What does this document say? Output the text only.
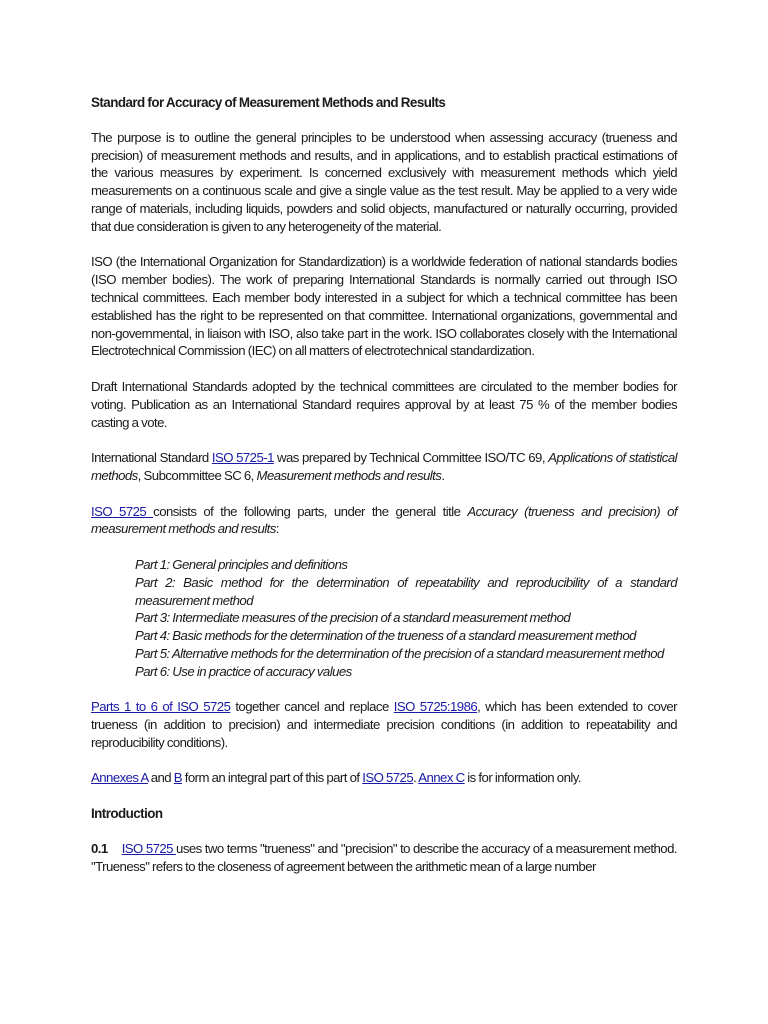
Standard for Accuracy of Measurement Methods and Results

The purpose is to outline the general principles to be understood when assessing accuracy (trueness and precision) of measurement methods and results, and in applications, and to establish practical estimations of the various measures by experiment. Is concerned exclusively with measurement methods which yield measurements on a continuous scale and give a single value as the test result. May be applied to a very wide range of materials, including liquids, powders and solid objects, manufactured or naturally occurring, provided that due consideration is given to any heterogeneity of the material.

ISO (the International Organization for Standardization) is a worldwide federation of national standards bodies (ISO member bodies). The work of preparing International Standards is normally carried out through ISO technical committees. Each member body interested in a subject for which a technical committee has been established has the right to be represented on that committee. International organizations, governmental and non-governmental, in liaison with ISO, also take part in the work. ISO collaborates closely with the International Electrotechnical Commission (IEC) on all matters of electrotechnical standardization.

Draft International Standards adopted by the technical committees are circulated to the member bodies for voting. Publication as an International Standard requires approval by at least 75 % of the member bodies casting a vote.

International Standard ISO 5725-1 was prepared by Technical Committee ISO/TC 69, Applications of statistical methods, Subcommittee SC 6, Measurement methods and results.

ISO 5725 consists of the following parts, under the general title Accuracy (trueness and precision) of measurement methods and results:

Part 1: General principles and definitions
Part 2: Basic method for the determination of repeatability and reproducibility of a standard measurement method
Part 3: Intermediate measures of the precision of a standard measurement method
Part 4: Basic methods for the determination of the trueness of a standard measurement method
Part 5: Alternative methods for the determination of the precision of a standard measurement method
Part 6: Use in practice of accuracy values

Parts 1 to 6 of ISO 5725 together cancel and replace ISO 5725:1986, which has been extended to cover trueness (in addition to precision) and intermediate precision conditions (in addition to repeatability and reproducibility conditions).

Annexes A and B form an integral part of this part of ISO 5725. Annex C is for information only.

Introduction

0.1 ISO 5725 uses two terms "trueness" and "precision" to describe the accuracy of a measurement method. "Trueness" refers to the closeness of agreement between the arithmetic mean of a large number
